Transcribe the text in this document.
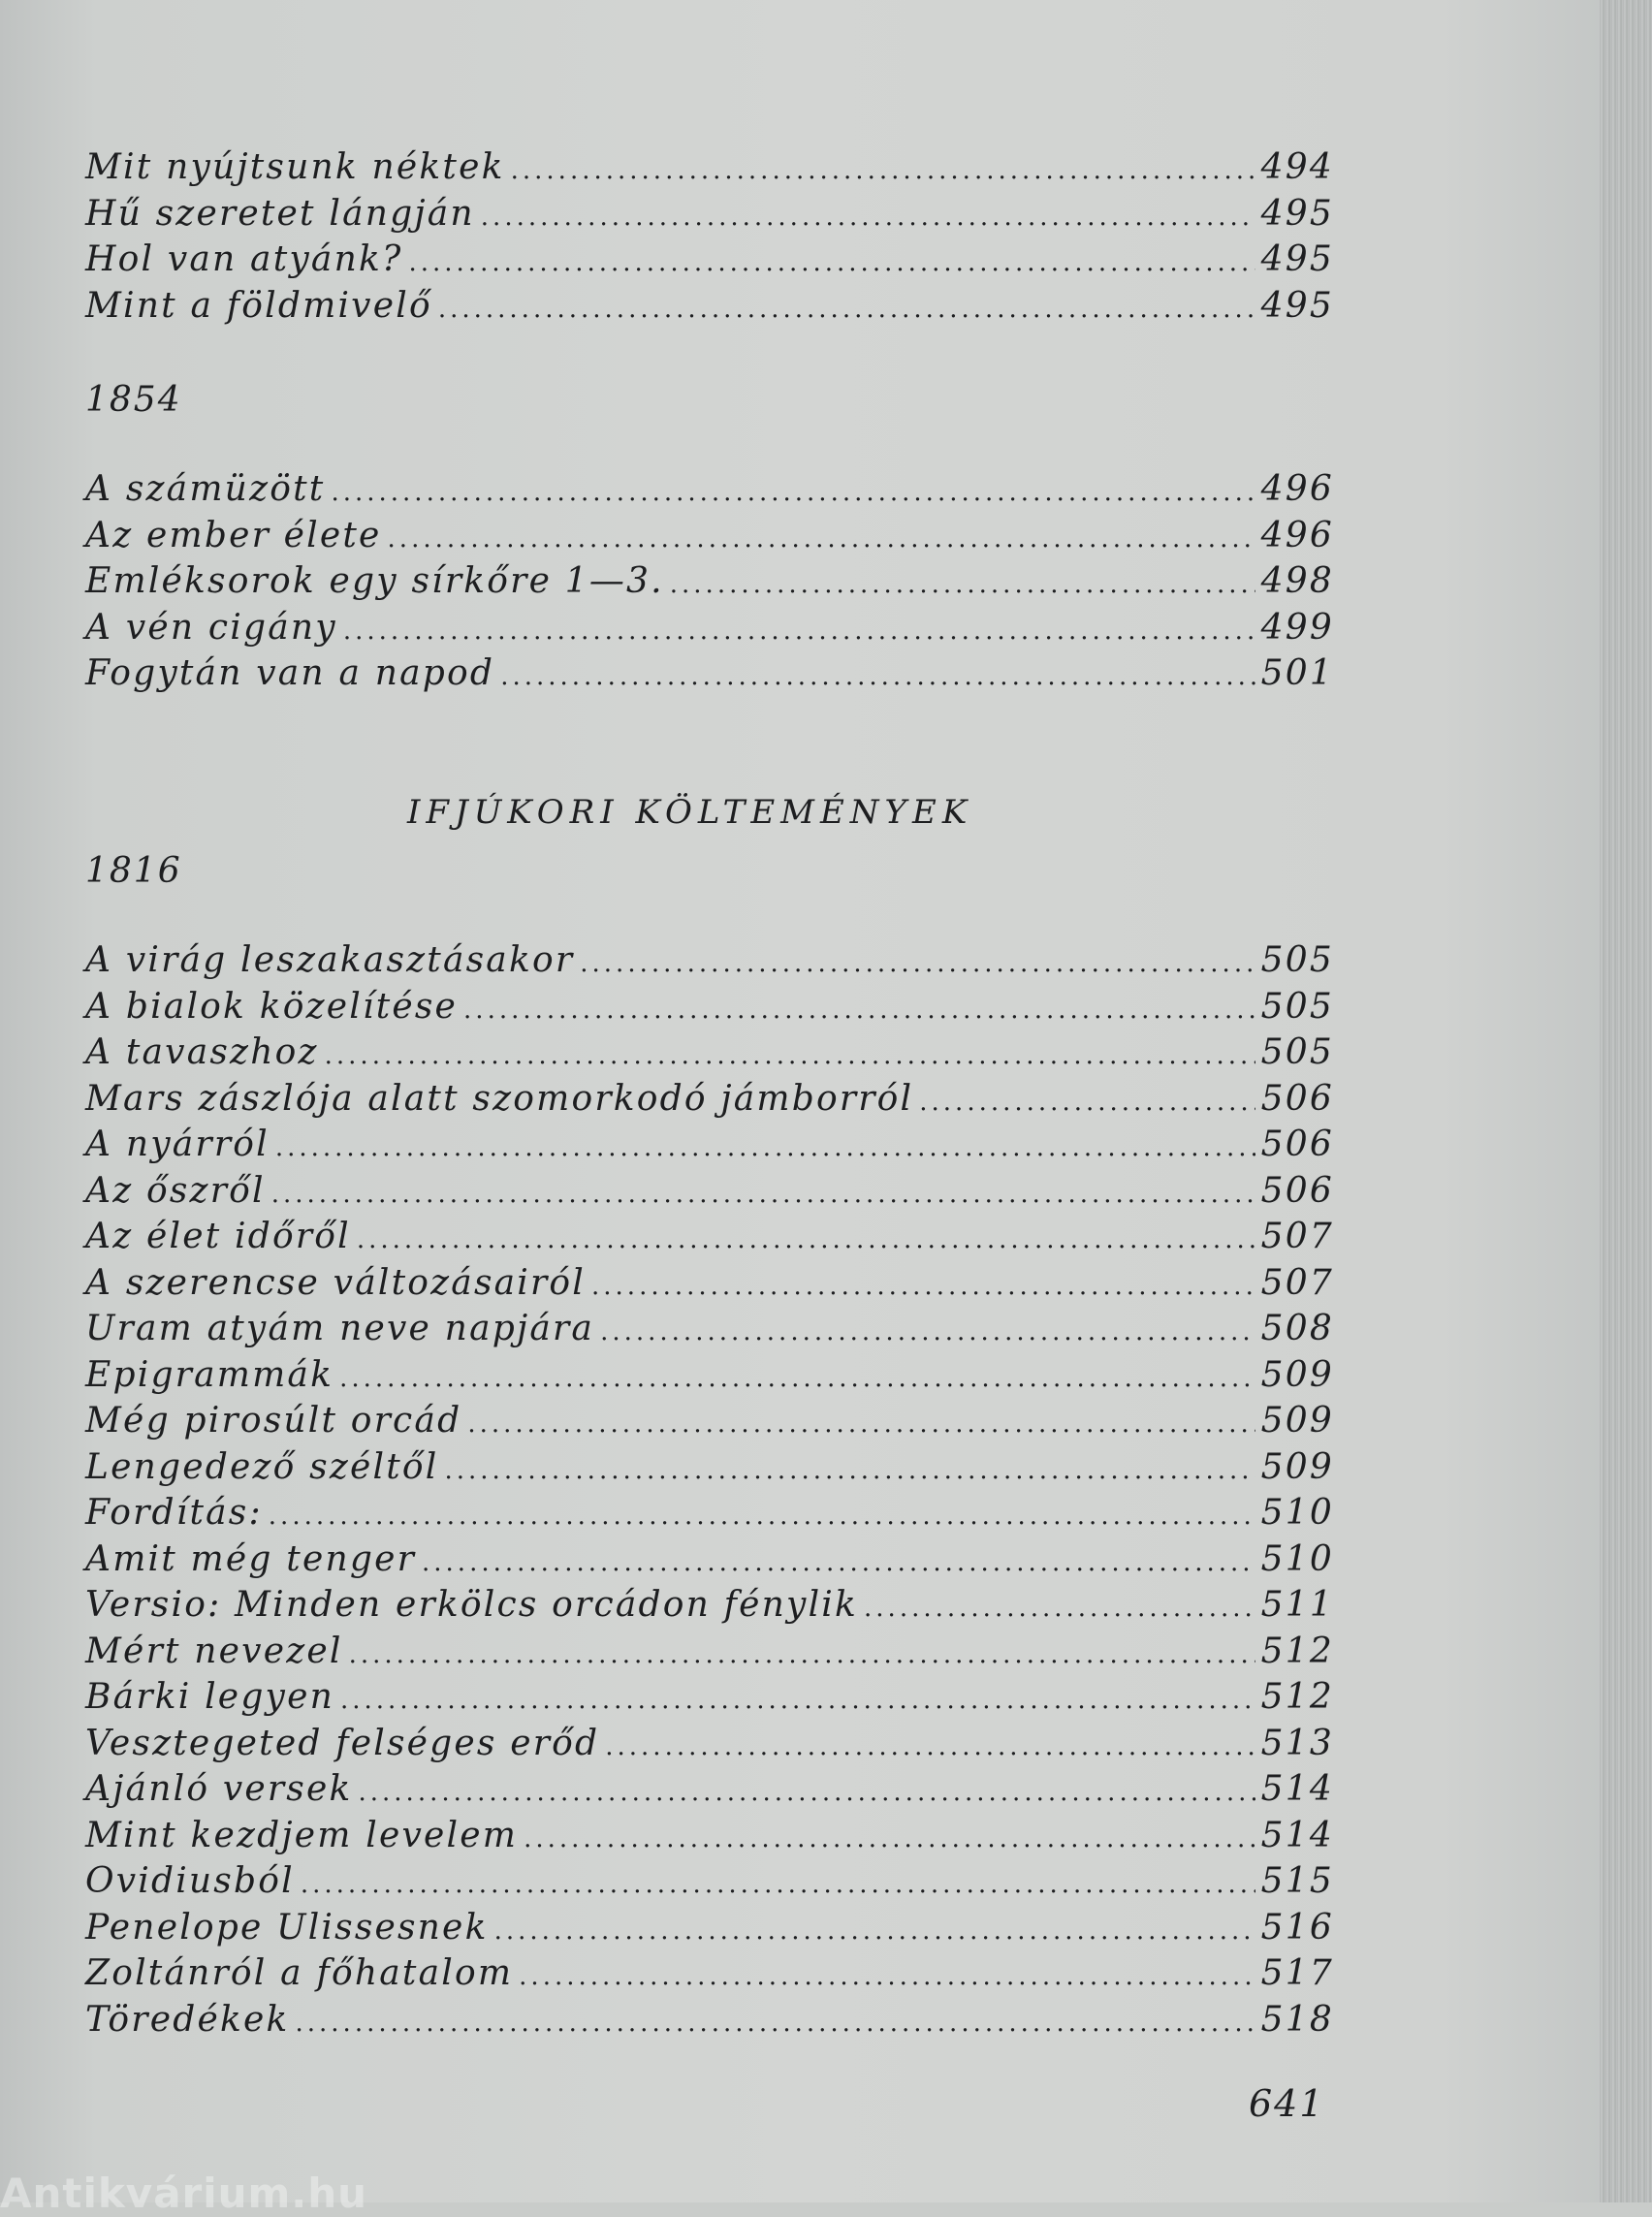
Mit nyújtsunk néktek .....	494
Hű szeretet lángján .....	495
Hol van atyánk? .....	495
Mint a földmivelő .....	495
1854
A számüzött .....	496
Az ember élete .....	496
Emléksorok egy sírkőre 1—3. .....	498
A vén cigány .....	499
Fogytán van a napod .....	501
IFJÚKORI KÖLTEMÉNYEK
1816
A virág leszakasztásakor .....	505
A bialok közelítése .....	505
A tavaszhoz .....	505
Mars zászlója alatt szomorkodó jámborról .....	506
A nyárról .....	506
Az őszről .....	506
Az élet időről .....	507
A szerencse változásairól .....	507
Uram atyám neve napjára .....	508
Epigrammák .....	509
Még pirosúlt orcád .....	509
Lengedező széltől .....	509
Fordítás: .....	510
Amit még tenger .....	510
Versio: Minden erkölcs orcádon fénylik .....	511
Mért nevezel .....	512
Bárki legyen .....	512
Vesztegeted felséges erőd .....	513
Ajánló versek .....	514
Mint kezdjem levelem .....	514
Ovidiusból .....	515
Penelope Ulissesnek .....	516
Zoltánról a főhatalom .....	517
Töredékek .....	518
641
Antikvárium.hu
